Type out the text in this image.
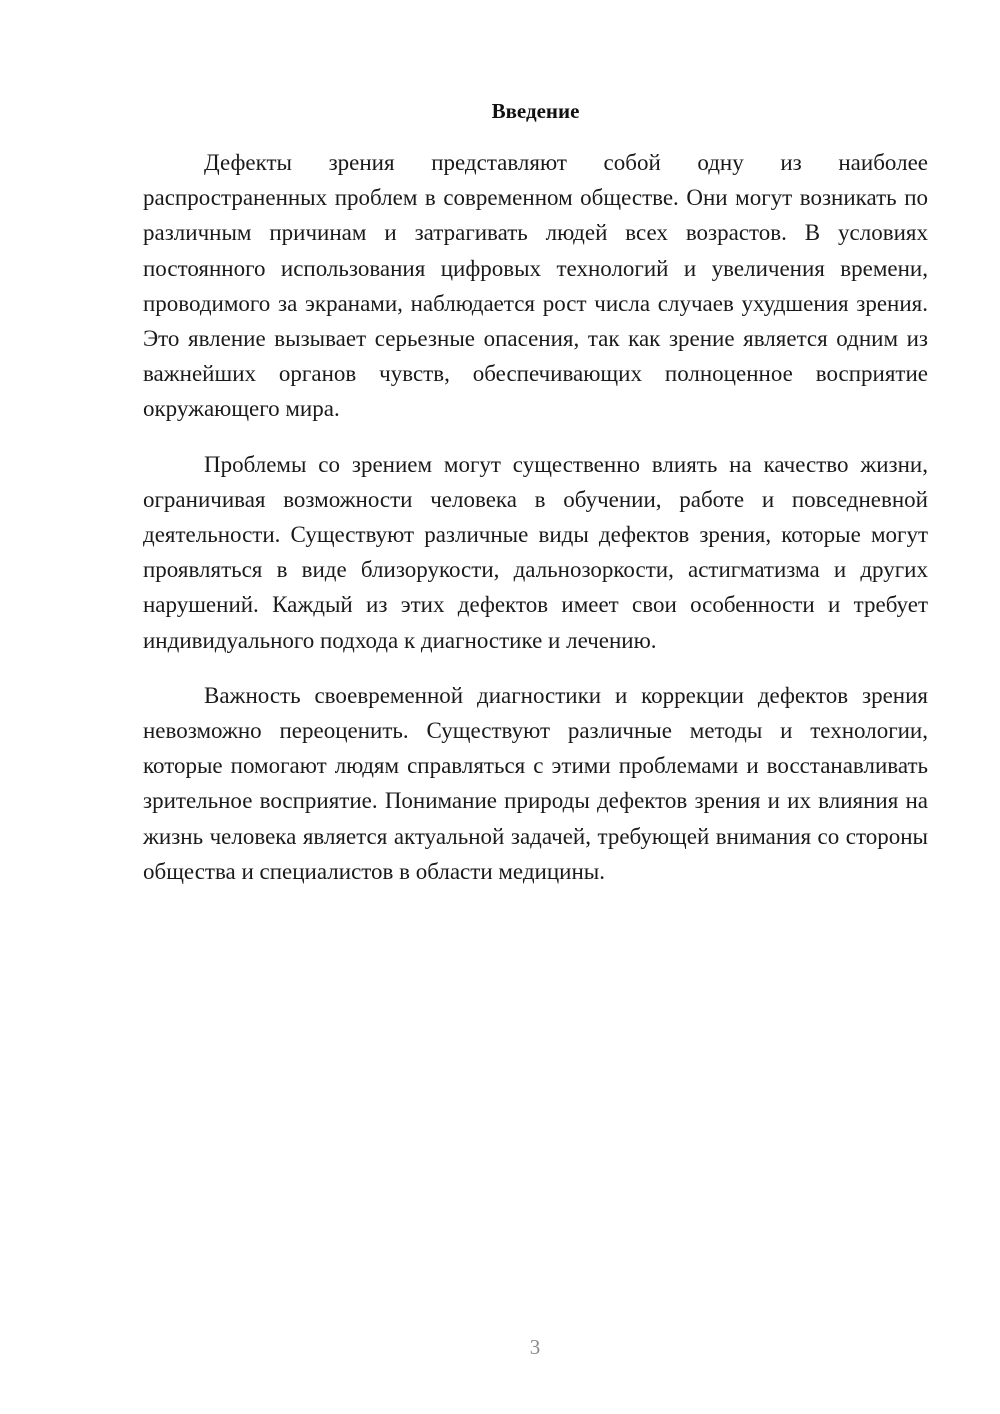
Введение

Дефекты зрения представляют собой одну из наиболее распространенных проблем в современном обществе. Они могут возникать по различным причинам и затрагивать людей всех возрастов. В условиях постоянного использования цифровых технологий и увеличения времени, проводимого за экранами, наблюдается рост числа случаев ухудшения зрения. Это явление вызывает серьезные опасения, так как зрение является одним из важнейших органов чувств, обеспечивающих полноценное восприятие окружающего мира.

Проблемы со зрением могут существенно влиять на качество жизни, ограничивая возможности человека в обучении, работе и повседневной деятельности. Существуют различные виды дефектов зрения, которые могут проявляться в виде близорукости, дальнозоркости, астигматизма и других нарушений. Каждый из этих дефектов имеет свои особенности и требует индивидуального подхода к диагностике и лечению.

Важность своевременной диагностики и коррекции дефектов зрения невозможно переоценить. Существуют различные методы и технологии, которые помогают людям справляться с этими проблемами и восстанавливать зрительное восприятие. Понимание природы дефектов зрения и их влияния на жизнь человека является актуальной задачей, требующей внимания со стороны общества и специалистов в области медицины.

3
